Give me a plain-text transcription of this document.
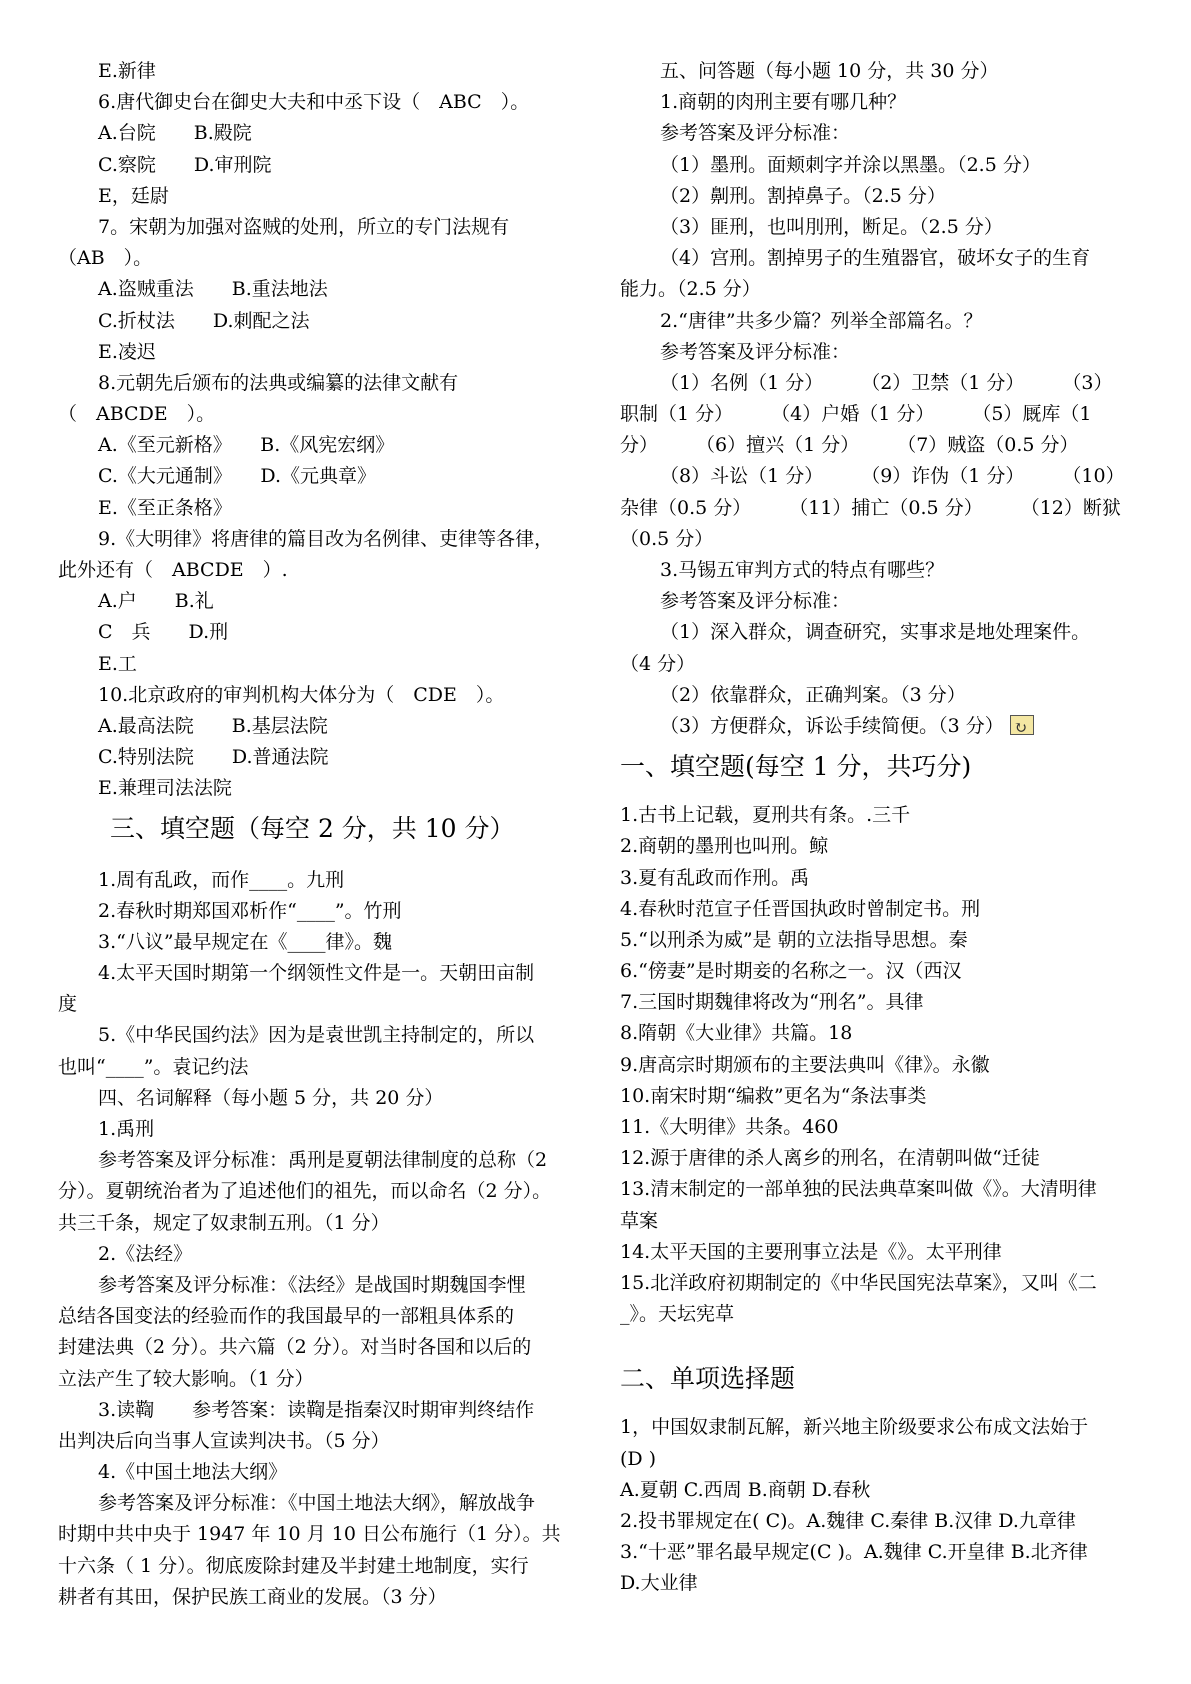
E.新律
6.唐代御史台在御史大夫和中丞下设（　ABC　）。
A.台院　　B.殿院
C.察院　　D.审刑院
E，廷尉
7。宋朝为加强对盗贼的处刑，所立的专门法规有
（AB　）。
A.盗贼重法　　B.重法地法
C.折杖法　　D.刺配之法
E.凌迟
8.元朝先后颁布的法典或编纂的法律文献有
（　ABCDE　）。
A.《至元新格》　　B.《风宪宏纲》
C.《大元通制》　　D.《元典章》
E.《至正条格》
9.《大明律》将唐律的篇目改为名例律、吏律等各律，
此外还有（　ABCDE　）.
A.户　　B.礼
C　兵　　D.刑
E.工
10.北京政府的审判机构大体分为（　CDE　）。
A.最高法院　　B.基层法院
C.特别法院　　D.普通法院
E.兼理司法法院
三、填空题（每空 2 分，共 10 分）
1.周有乱政，而作____。九刑
2.春秋时期郑国邓析作“____”。竹刑
3.“八议”最早规定在《____律》。魏
4.太平天国时期第一个纲领性文件是一。天朝田亩制
度
5.《中华民国约法》因为是袁世凯主持制定的，所以
也叫“____”。袁记约法
四、名词解释（每小题 5 分，共 20 分）
1.禹刑
参考答案及评分标准：禹刑是夏朝法律制度的总称（2
分）。夏朝统治者为了追述他们的祖先，而以命名（2 分）。
共三千条，规定了奴隶制五刑。（1 分）
2.《法经》
参考答案及评分标准：《法经》是战国时期魏国李悝
总结各国变法的经验而作的我国最早的一部粗具体系的
封建法典（2 分）。共六篇（2 分）。对当时各国和以后的
立法产生了较大影响。（1 分）
3.读鞫　　参考答案：读鞫是指秦汉时期审判终结作
出判决后向当事人宣读判决书。（5 分）
4.《中国土地法大纲》
参考答案及评分标准：《中国土地法大纲》，解放战争
时期中共中央于 1947 年 10 月 10 日公布施行（1 分）。共
十六条（ 1 分）。彻底废除封建及半封建土地制度，实行
耕者有其田，保护民族工商业的发展。（3 分）
五、问答题（每小题 10 分，共 30 分）
1.商朝的肉刑主要有哪几种？
参考答案及评分标准：
（1）墨刑。面颊刺字并涂以黑墨。（2.5 分）
（2）劓刑。割掉鼻子。（2.5 分）
（3）匪刑，也叫刖刑，断足。（2.5 分）
（4）宫刑。割掉男子的生殖器官，破坏女子的生育
能力。（2.5 分）
2.“唐律”共多少篇？列举全部篇名。？
参考答案及评分标准：
（1）名例（1 分）　　　（2）卫禁（1 分）　　　（3）
职制（1 分）　　　（4）户婚（1 分）　　　（5）厩库（1
分）　　　（6）擅兴（1 分）　　　（7）贼盗（0.5 分）
（8）斗讼（1 分）　　　（9）诈伪（1 分）　　　（10）
杂律（0.5 分）　　　（11）捕亡（0.5 分）　　　（12）断狱
（0.5 分）
3.马锡五审判方式的特点有哪些？
参考答案及评分标准：
（1）深入群众，调查研究，实事求是地处理案件。
（4 分）
（2）依靠群众，正确判案。（3 分）
（3）方便群众，诉讼手续简便。（3 分）↻
一、填空题(每空 1 分，共巧分)
1.古书上记载，夏刑共有条。.三千
2.商朝的墨刑也叫刑。鲸
3.夏有乱政而作刑。禹
4.春秋时范宣子任晋国执政时曾制定书。刑
5.“以刑杀为威”是 朝的立法指导思想。秦
6.“傍妻”是时期妾的名称之一。汉（西汉
7.三国时期魏律将改为“刑名”。具律
8.隋朝《大业律》共篇。18
9.唐高宗时期颁布的主要法典叫《律》。永徽
10.南宋时期“编救”更名为“条法事类
11.《大明律》共条。460
12.源于唐律的杀人离乡的刑名，在清朝叫做“迁徒
13.清末制定的一部单独的民法典草案叫做《》。大清明律
草案
14.太平天国的主要刑事立法是《》。太平刑律
15.北洋政府初期制定的《中华民国宪法草案》，又叫《二
_》。天坛宪草
二、单项选择题
1，中国奴隶制瓦解，新兴地主阶级要求公布成文法始于
(D )
A.夏朝 C.西周 B.商朝 D.春秋
2.投书罪规定在( C)。A.魏律 C.秦律 B.汉律 D.九章律
3.“十恶”罪名最早规定(C )。A.魏律 C.开皇律 B.北齐律
D.大业律
